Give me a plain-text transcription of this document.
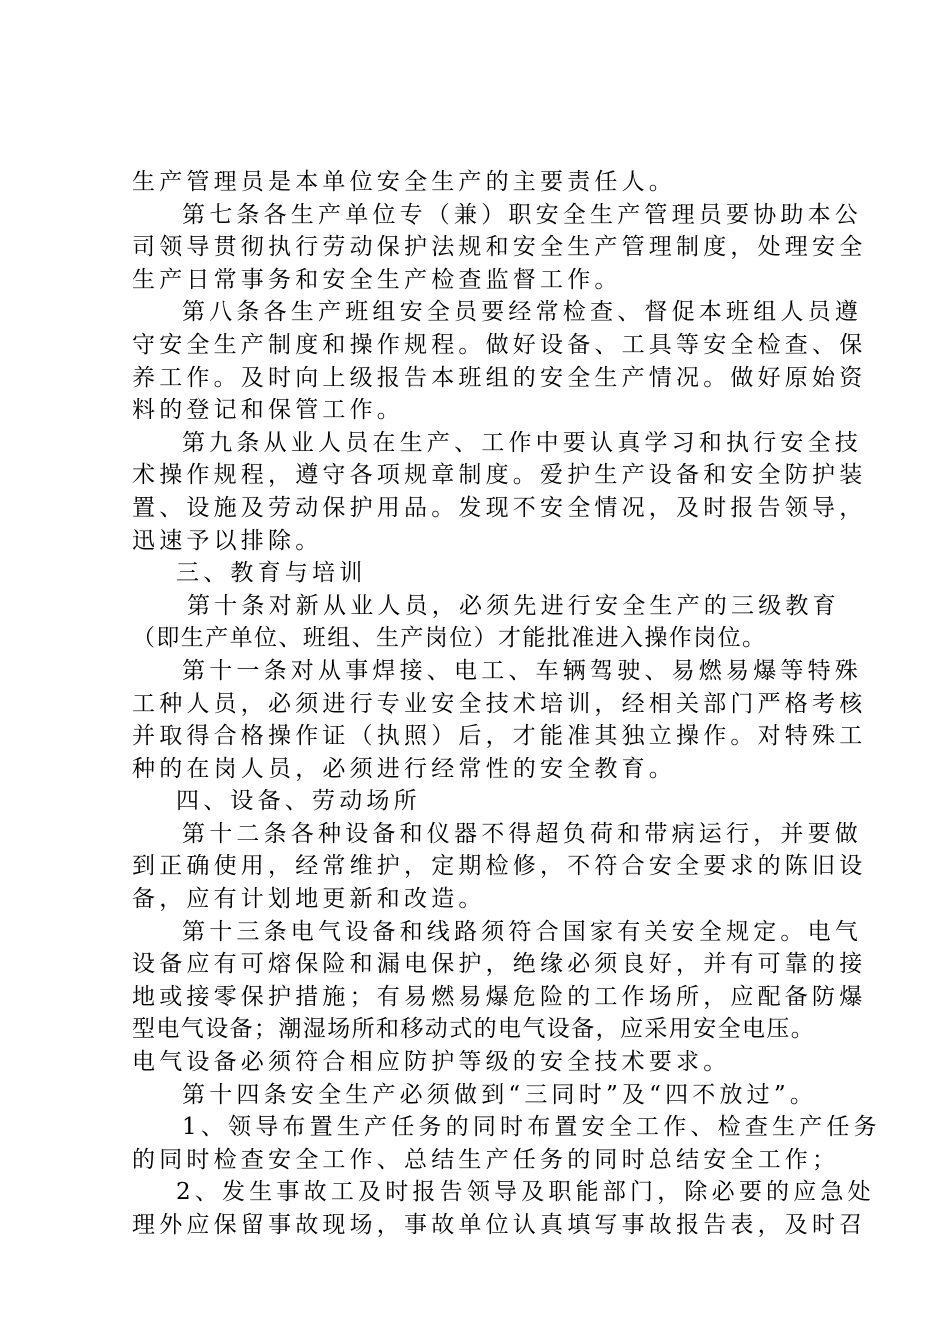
生产管理员是本单位安全生产的主要责任人。
第七条各生产单位专（兼）职安全生产管理员要协助本公
司领导贯彻执行劳动保护法规和安全生产管理制度，处理安全
生产日常事务和安全生产检查监督工作。
第八条各生产班组安全员要经常检查、督促本班组人员遵
守安全生产制度和操作规程。做好设备、工具等安全检查、保
养工作。及时向上级报告本班组的安全生产情况。做好原始资
料的登记和保管工作。
第九条从业人员在生产、工作中要认真学习和执行安全技
术操作规程，遵守各项规章制度。爱护生产设备和安全防护装
置、设施及劳动保护用品。发现不安全情况，及时报告领导，
迅速予以排除。
三、教育与培训
第十条对新从业人员，必须先进行安全生产的三级教育
（即生产单位、班组、生产岗位）才能批准进入操作岗位。
第十一条对从事焊接、电工、车辆驾驶、易燃易爆等特殊
工种人员，必须进行专业安全技术培训，经相关部门严格考核
并取得合格操作证（执照）后，才能准其独立操作。对特殊工
种的在岗人员，必须进行经常性的安全教育。
四、设备、劳动场所
第十二条各种设备和仪器不得超负荷和带病运行，并要做
到正确使用，经常维护，定期检修，不符合安全要求的陈旧设
备，应有计划地更新和改造。
第十三条电气设备和线路须符合国家有关安全规定。电气
设备应有可熔保险和漏电保护，绝缘必须良好，并有可靠的接
地或接零保护措施；有易燃易爆危险的工作场所，应配备防爆
型电气设备；潮湿场所和移动式的电气设备，应采用安全电压。
电气设备必须符合相应防护等级的安全技术要求。
第十四条安全生产必须做到“三同时”及“四不放过”。
1、领导布置生产任务的同时布置安全工作、检查生产任务
的同时检查安全工作、总结生产任务的同时总结安全工作；
2、发生事故工及时报告领导及职能部门，除必要的应急处
理外应保留事故现场，事故单位认真填写事故报告表，及时召
